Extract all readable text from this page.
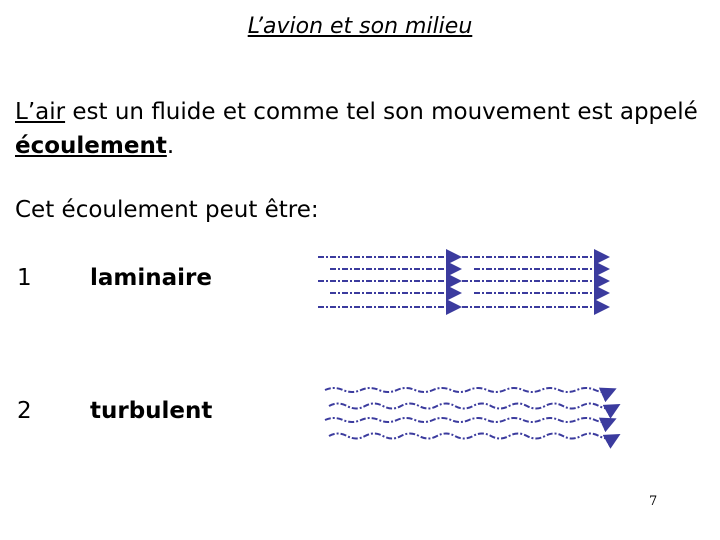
L’avion et son milieu
L’air est un fluide et comme tel son mouvement est appelé écoulement.
Cet écoulement peut être:
1	laminaire
2	turbulent
7
